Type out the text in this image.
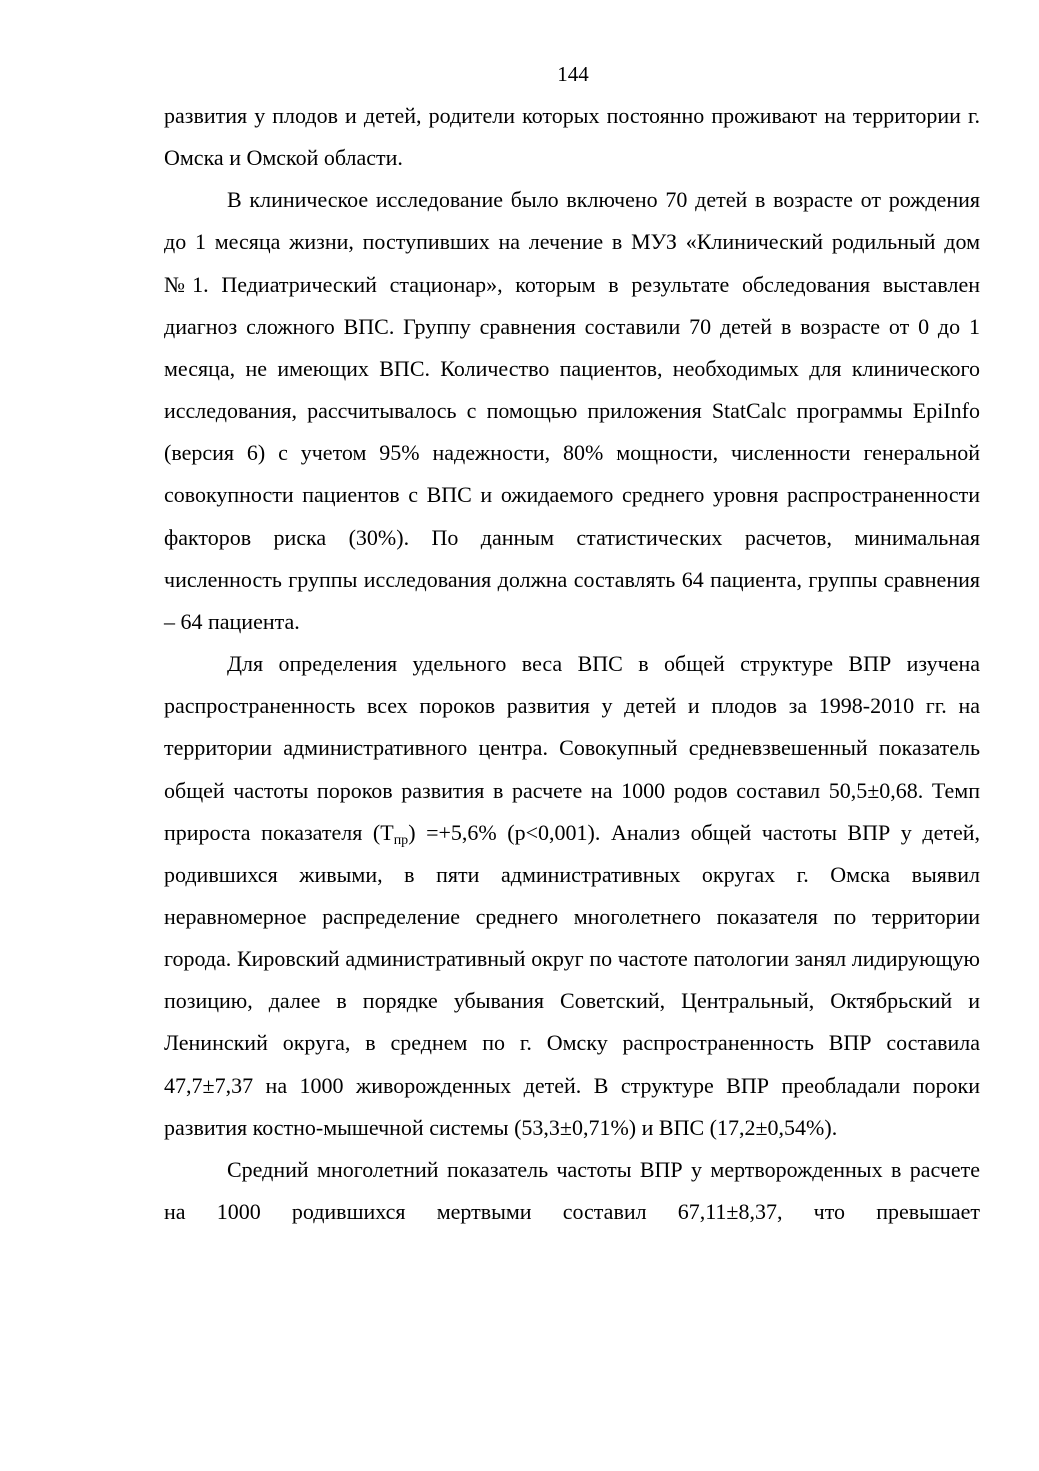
144

развития у плодов и детей, родители которых постоянно проживают на территории г. Омска и Омской области.

В клиническое исследование было включено 70 детей в возрасте от рождения до 1 месяца жизни, поступивших на лечение в МУЗ «Клинический родильный дом №1. Педиатрический стационар», которым в результате обследования выставлен диагноз сложного ВПС. Группу сравнения составили 70 детей в возрасте от 0 до 1 месяца, не имеющих ВПС. Количество пациентов, необходимых для клинического исследования, рассчитывалось с помощью приложения StatCalc программы EpiInfo (версия 6) с учетом 95% надежности, 80% мощности, численности генеральной совокупности пациентов с ВПС и ожидаемого среднего уровня распространенности факторов риска (30%). По данным статистических расчетов, минимальная численность группы исследования должна составлять 64 пациента, группы сравнения – 64 пациента.

Для определения удельного веса ВПС в общей структуре ВПР изучена распространенность всех пороков развития у детей и плодов за 1998-2010 гг. на территории административного центра. Совокупный средневзвешенный показатель общей частоты пороков развития в расчете на 1000 родов составил 50,5±0,68. Темп прироста показателя $(Т_{пр}) =+5,6\%$ (p<0,001). Анализ общей частоты ВПР у детей, родившихся живыми, в пяти административных округах г. Омска выявил неравномерное распределение среднего многолетнего показателя по территории города. Кировский административный округ по частоте патологии занял лидирующую позицию, далее в порядке убывания Советский, Центральный, Октябрьский и Ленинский округа, в среднем по г. Омску распространенность ВПР составила 47,7±7,37 на 1000 живорожденных детей. В структуре ВПР преобладали пороки развития костно-мышечной системы (53,3±0,71%) и ВПС (17,2±0,54%).

Средний многолетний показатель частоты ВПР у мертворожденных в расчете на 1000 родившихся мертвыми составил 67,11±8,37, что превышает
